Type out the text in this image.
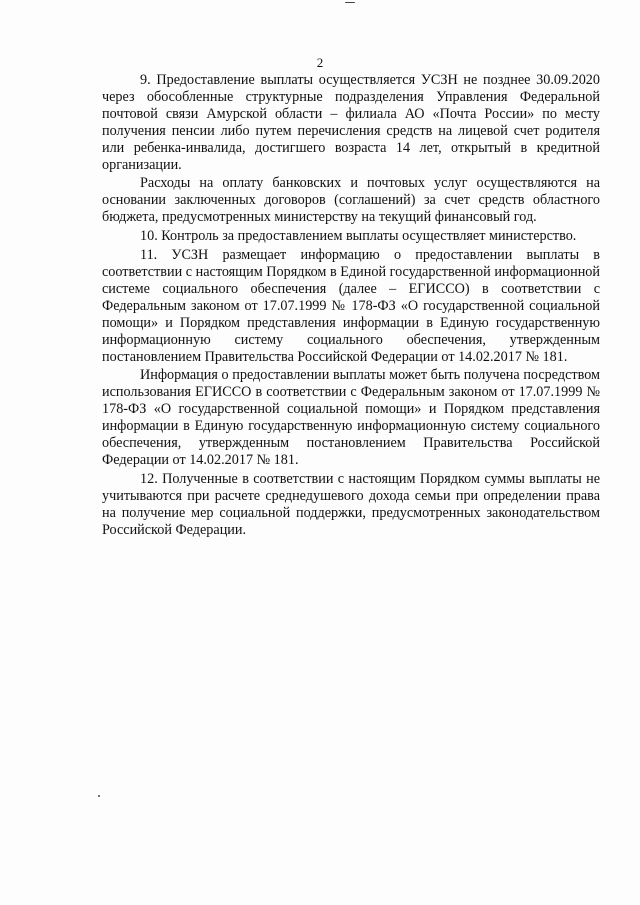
2

9. Предоставление выплаты осуществляется УСЗН не позднее 30.09.2020 через обособленные структурные подразделения Управления Федеральной почтовой связи Амурской области – филиала АО «Почта России» по месту получения пенсии либо путем перечисления средств на лицевой счет родителя или ребенка-инвалида, достигшего возраста 14 лет, открытый в кредитной организации.

Расходы на оплату банковских и почтовых услуг осуществляются на основании заключенных договоров (соглашений) за счет средств областного бюджета, предусмотренных министерству на текущий финансовый год.

10. Контроль за предоставлением выплаты осуществляет министерство.

11. УСЗН размещает информацию о предоставлении выплаты в соответствии с настоящим Порядком в Единой государственной информационной системе социального обеспечения (далее – ЕГИССО) в соответствии с Федеральным законом от 17.07.1999 № 178-ФЗ «О государственной социальной помощи» и Порядком представления информации в Единую государственную информационную систему социального обеспечения, утвержденным постановлением Правительства Российской Федерации от 14.02.2017 № 181.

Информация о предоставлении выплаты может быть получена посредством использования ЕГИССО в соответствии с Федеральным законом от 17.07.1999 № 178-ФЗ «О государственной социальной помощи» и Порядком представления информации в Единую государственную информационную систему социального обеспечения, утвержденным постановлением Правительства Российской Федерации от 14.02.2017 № 181.

12. Полученные в соответствии с настоящим Порядком суммы выплаты не учитываются при расчете среднедушевого дохода семьи при определении права на получение мер социальной поддержки, предусмотренных законодательством Российской Федерации.
